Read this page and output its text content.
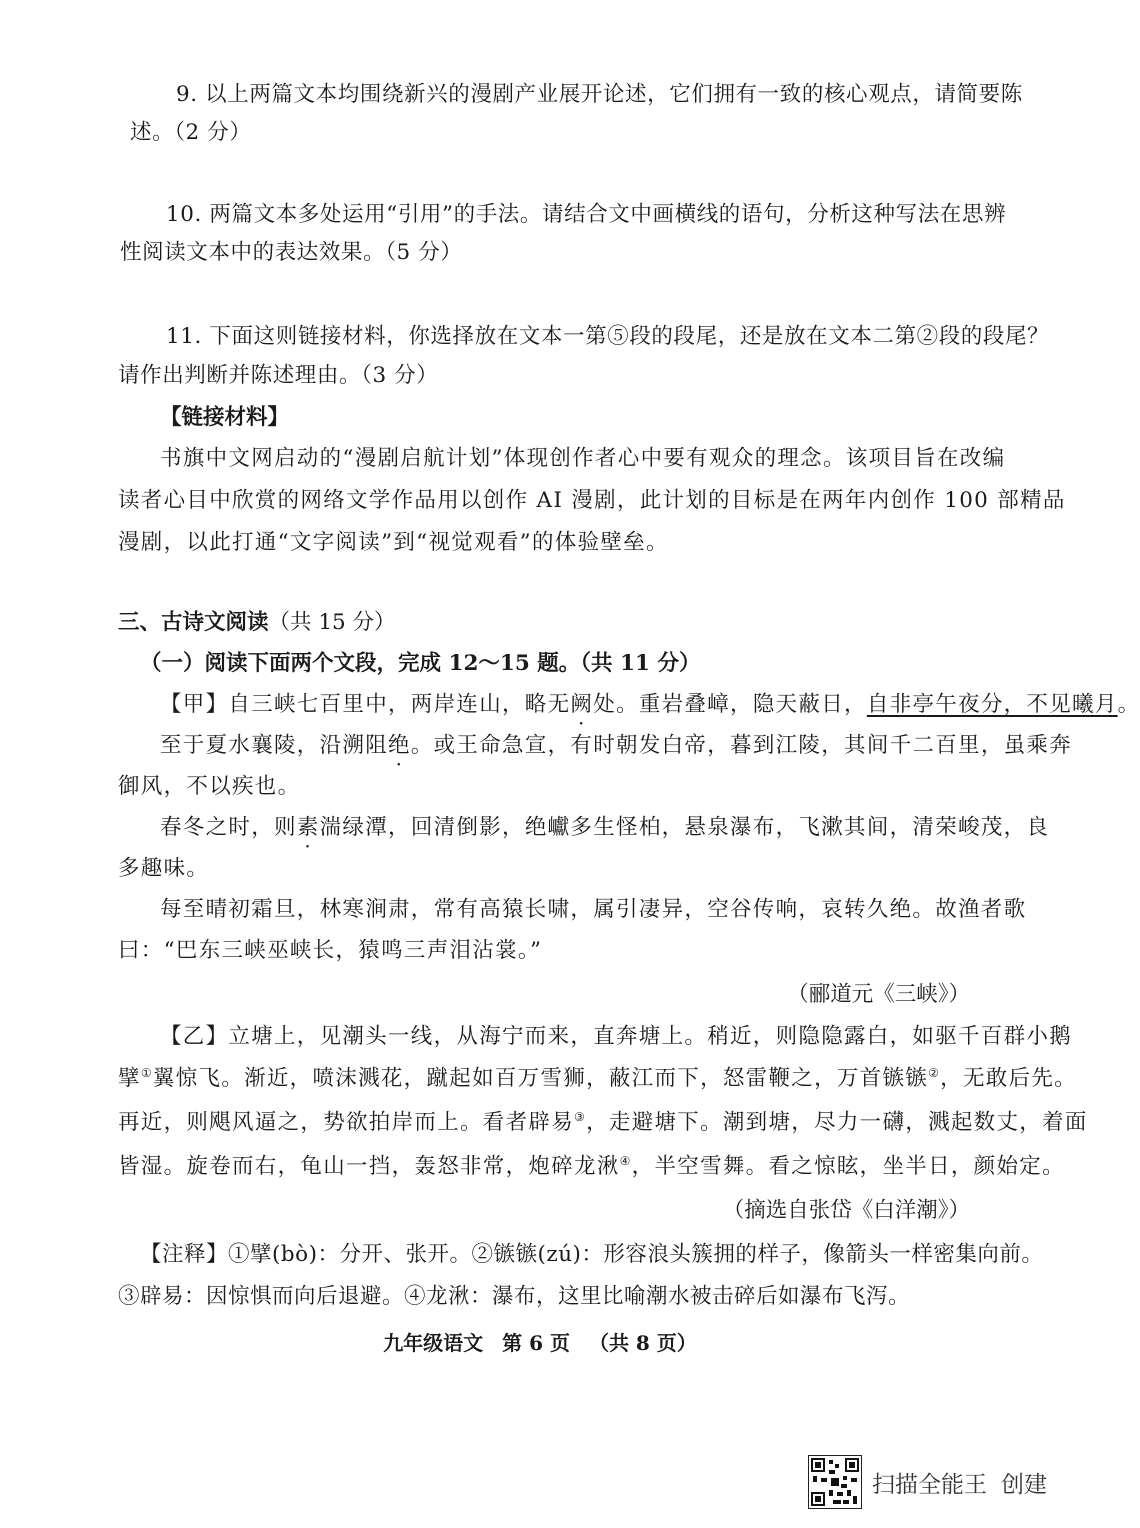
9. 以上两篇文本均围绕新兴的漫剧产业展开论述，它们拥有一致的核心观点，请简要陈
述。（2 分）
10. 两篇文本多处运用“引用”的手法。请结合文中画横线的语句，分析这种写法在思辨
性阅读文本中的表达效果。（5 分）
11. 下面这则链接材料，你选择放在文本一第⑤段的段尾，还是放在文本二第②段的段尾？
请作出判断并陈述理由。（3 分）
【链接材料】
书旗中文网启动的“漫剧启航计划”体现创作者心中要有观众的理念。该项目旨在改编
读者心目中欣赏的网络文学作品用以创作 AI 漫剧，此计划的目标是在两年内创作 100 部精品
漫剧，以此打通“文字阅读”到“视觉观看”的体验壁垒。
三、古诗文阅读（共 15 分）
（一）阅读下面两个文段，完成 12～15 题。（共 11 分）
【甲】自三峡七百里中，两岸连山，略无阙处。重岩叠嶂，隐天蔽日，自非亭午夜分，不见曦月。
至于夏水襄陵，沿溯阻绝。或王命急宣，有时朝发白帝，暮到江陵，其间千二百里，虽乘奔
御风，不以疾也。
春冬之时，则素湍绿潭，回清倒影，绝巘多生怪柏，悬泉瀑布，飞漱其间，清荣峻茂，良
多趣味。
每至晴初霜旦，林寒涧肃，常有高猿长啸，属引凄异，空谷传响，哀转久绝。故渔者歌
曰：“巴东三峡巫峡长，猿鸣三声泪沾裳。”
（郦道元《三峡》）
【乙】立塘上，见潮头一线，从海宁而来，直奔塘上。稍近，则隐隐露白，如驱千百群小鹅
擘①翼惊飞。渐近，喷沫溅花，蹴起如百万雪狮，蔽江而下，怒雷鞭之，万首镞镞②，无敢后先。
再近，则飓风逼之，势欲拍岸而上。看者辟易③，走避塘下。潮到塘，尽力一礴，溅起数丈，着面
皆湿。旋卷而右，龟山一挡，轰怒非常，炮碎龙湫④，半空雪舞。看之惊眩，坐半日，颜始定。
（摘选自张岱《白洋潮》）
【注释】①擘(bò)：分开、张开。②镞镞(zú)：形容浪头簇拥的样子，像箭头一样密集向前。
③辟易：因惊惧而向后退避。④龙湫：瀑布，这里比喻潮水被击碎后如瀑布飞泻。
九年级语文 第 6 页 （共 8 页）
扫描全能王 创建
